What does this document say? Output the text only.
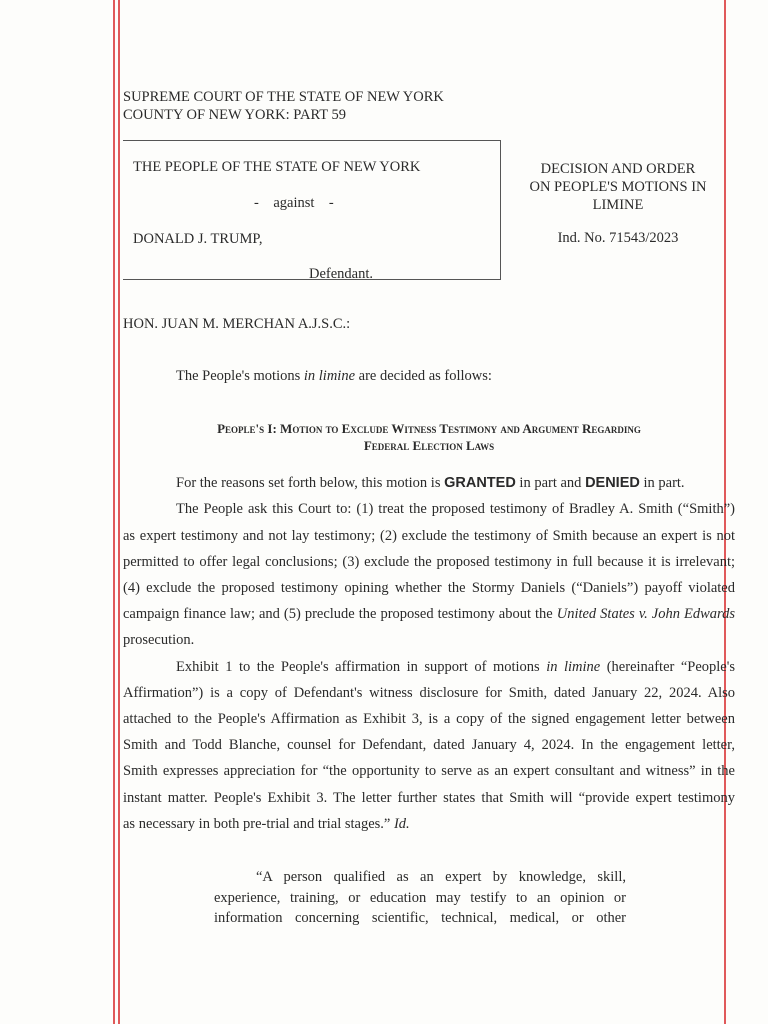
SUPREME COURT OF THE STATE OF NEW YORK
COUNTY OF NEW YORK: PART 59
THE PEOPLE OF THE STATE OF NEW YORK
-    against    -
DONALD J. TRUMP,
Defendant.
DECISION AND ORDER
ON PEOPLE'S MOTIONS IN
LIMINE
Ind. No. 71543/2023
HON. JUAN M. MERCHAN A.J.S.C.:
The People's motions in limine are decided as follows:
People's I: Motion to Exclude Witness Testimony and Argument Regarding
Federal Election Laws
For the reasons set forth below, this motion is GRANTED in part and DENIED in part.
The People ask this Court to: (1) treat the proposed testimony of Bradley A. Smith (“Smith”)
as expert testimony and not lay testimony; (2) exclude the testimony of Smith because an expert is not
permitted to offer legal conclusions; (3) exclude the proposed testimony in full because it is irrelevant;
(4) exclude the proposed testimony opining whether the Stormy Daniels (“Daniels”) payoff violated
campaign finance law; and (5) preclude the proposed testimony about the United States v. John Edwards
prosecution.
Exhibit 1 to the People's affirmation in support of motions in limine (hereinafter “People's
Affirmation”) is a copy of Defendant's witness disclosure for Smith, dated January 22, 2024. Also
attached to the People's Affirmation as Exhibit 3, is a copy of the signed engagement letter between
Smith and Todd Blanche, counsel for Defendant, dated January 4, 2024. In the engagement letter,
Smith expresses appreciation for “the opportunity to serve as an expert consultant and witness” in the
instant matter. People's Exhibit 3. The letter further states that Smith will “provide expert testimony
as necessary in both pre-trial and trial stages.” Id.
“A person qualified as an expert by knowledge, skill,
experience, training, or education may testify to an opinion or
information concerning scientific, technical, medical, or other
